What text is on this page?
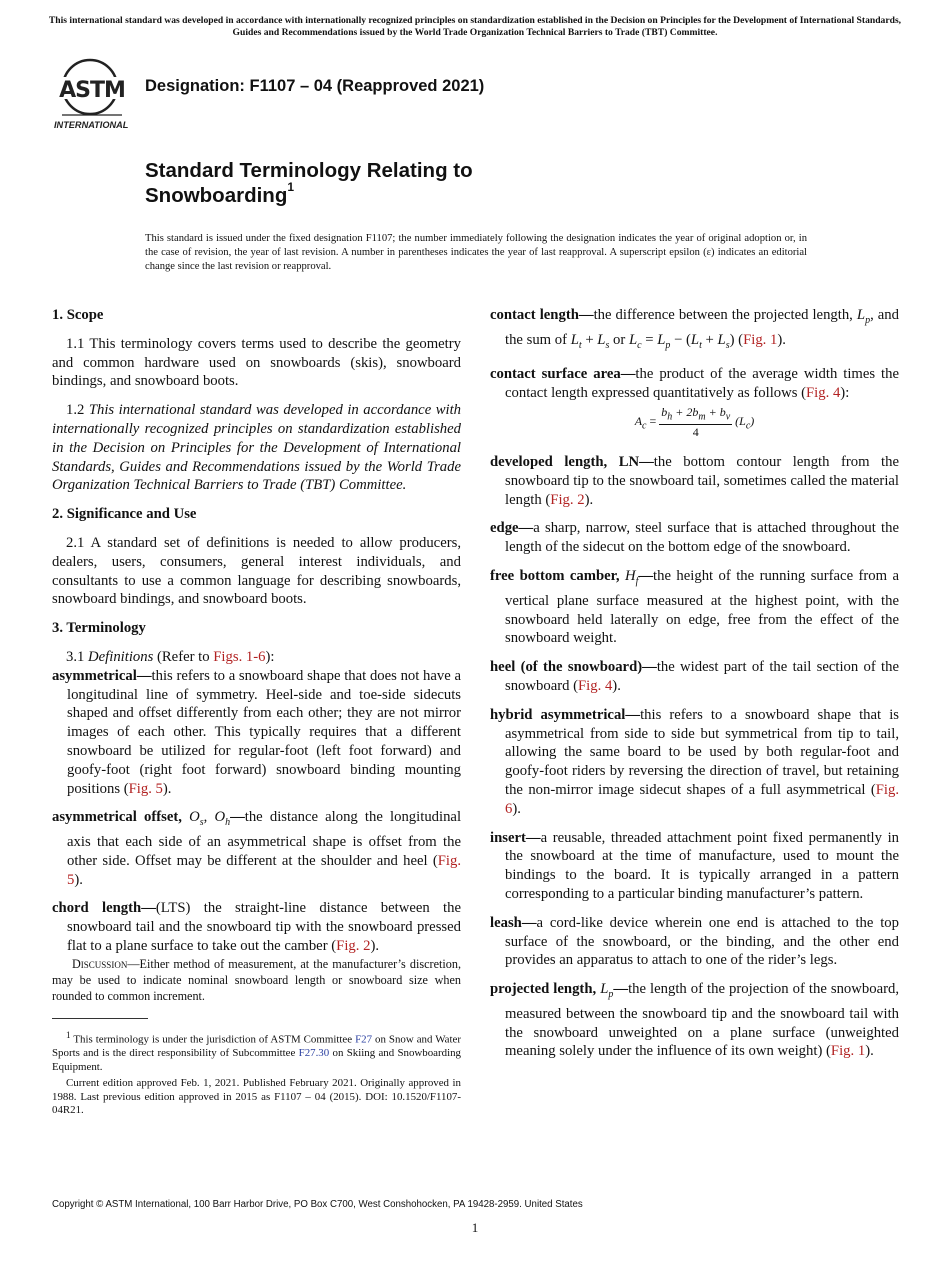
This international standard was developed in accordance with internationally recognized principles on standardization established in the Decision on Principles for the Development of International Standards, Guides and Recommendations issued by the World Trade Organization Technical Barriers to Trade (TBT) Committee.
ASTM
INTERNATIONAL
Designation: F1107 – 04 (Reapproved 2021)
Standard Terminology Relating to
Snowboarding$^1$
This standard is issued under the fixed designation F1107; the number immediately following the designation indicates the year of original adoption or, in the case of revision, the year of last revision. A number in parentheses indicates the year of last reapproval. A superscript epsilon (ε) indicates an editorial change since the last revision or reapproval.
1. Scope
1.1 This terminology covers terms used to describe the geometry and common hardware used on snowboards (skis), snowboard bindings, and snowboard boots.
1.2 This international standard was developed in accordance with internationally recognized principles on standardization established in the Decision on Principles for the Development of International Standards, Guides and Recommendations issued by the World Trade Organization Technical Barriers to Trade (TBT) Committee.
2. Significance and Use
2.1 A standard set of definitions is needed to allow producers, dealers, users, consumers, general interest individuals, and consultants to use a common language for describing snowboards, snowboard bindings, and snowboard boots.
3. Terminology
3.1 Definitions (Refer to Figs. 1-6):
asymmetrical—this refers to a snowboard shape that does not have a longitudinal line of symmetry. Heel-side and toe-side sidecuts shaped and offset differently from each other; they are not mirror images of each other. This typically requires that a different snowboard be utilized for regular-foot (left foot forward) and goofy-foot (right foot forward) snowboard binding mounting positions (Fig. 5).
asymmetrical offset, $O_s$, $O_h—the$ distance along the longitudinal axis that each side of an asymmetrical shape is offset from the other side. Offset may be different at the shoulder and heel (Fig. 5).
chord length—(LTS) the straight-line distance between the snowboard tail and the snowboard tip with the snowboard pressed flat to a plane surface to take out the camber (Fig. 2).
Discussion—Either method of measurement, at the manufacturer’s discretion, may be used to indicate nominal snowboard length or snowboard size when rounded to common increment.
$^1$ This terminology is under the jurisdiction of ASTM Committee F27 on Snow and Water Sports and is the direct responsibility of Subcommittee F27.30 on Skiing and Snowboarding Equipment.
Current edition approved Feb. 1, 2021. Published February 2021. Originally approved in 1988. Last previous edition approved in 2015 as F1107 – 04 (2015). DOI: 10.1520/F1107-04R21.
contact length—the difference between the projected length, $L_p$, and the sum of $L_t + L_s$ or $L_c = L_p - (L_t + L_s)$ (Fig. 1).
contact surface area—the product of the average width times the contact length expressed quantitatively as follows (Fig. 4):
$A_c = \frac{b_h + 2b_m + b_v}{4} (L_c)$
developed length, LN—the bottom contour length from the snowboard tip to the snowboard tail, sometimes called the material length (Fig. 2).
edge—a sharp, narrow, steel surface that is attached throughout the length of the sidecut on the bottom edge of the snowboard.
free bottom camber, $H_f—the$ height of the running surface from a vertical plane surface measured at the highest point, with the snowboard held laterally on edge, free from the effect of the snowboard weight.
heel (of the snowboard)—the widest part of the tail section of the snowboard (Fig. 4).
hybrid asymmetrical—this refers to a snowboard shape that is asymmetrical from side to side but symmetrical from tip to tail, allowing the same board to be used by both regular-foot and goofy-foot riders by reversing the direction of travel, but retaining the non-mirror image sidecut shapes of a full asymmetrical (Fig. 6).
insert—a reusable, threaded attachment point fixed permanently in the snowboard at the time of manufacture, used to mount the bindings to the board. It is typically arranged in a pattern corresponding to a particular binding manufacturer’s pattern.
leash—a cord-like device wherein one end is attached to the top surface of the snowboard, or the binding, and the other end provides an apparatus to attach to one of the rider’s legs.
projected length, $L_p—the$ length of the projection of the snowboard, measured between the snowboard tip and the snowboard tail with the snowboard unweighted on a plane surface (unweighted meaning solely under the influence of its own weight) (Fig. 1).
Copyright © ASTM International, 100 Barr Harbor Drive, PO Box C700, West Conshohocken, PA 19428-2959. United States
1
